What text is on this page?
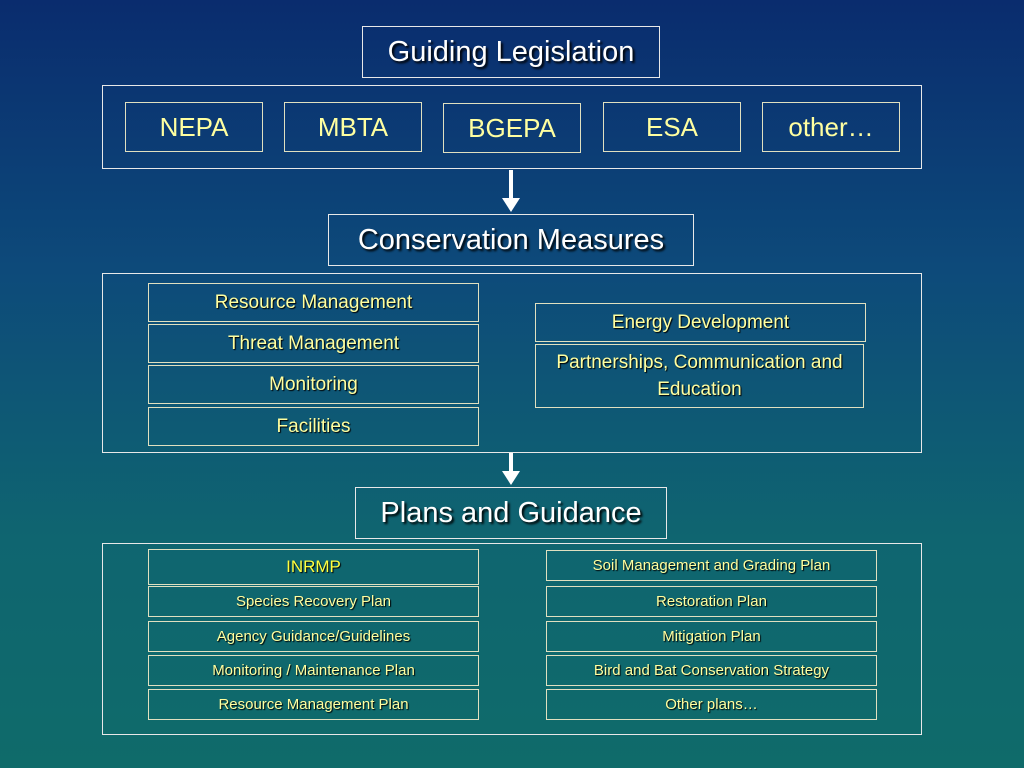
Guiding Legislation
NEPA	MBTA	BGEPA	ESA	other…
Conservation Measures
Resource Management
Threat Management
Monitoring
Facilities
Energy Development
Partnerships, Communication and Education
Plans and Guidance
INRMP
Species Recovery Plan
Agency Guidance/Guidelines
Monitoring / Maintenance Plan
Resource Management Plan
Soil Management and Grading Plan
Restoration Plan
Mitigation Plan
Bird and Bat Conservation Strategy
Other plans…
